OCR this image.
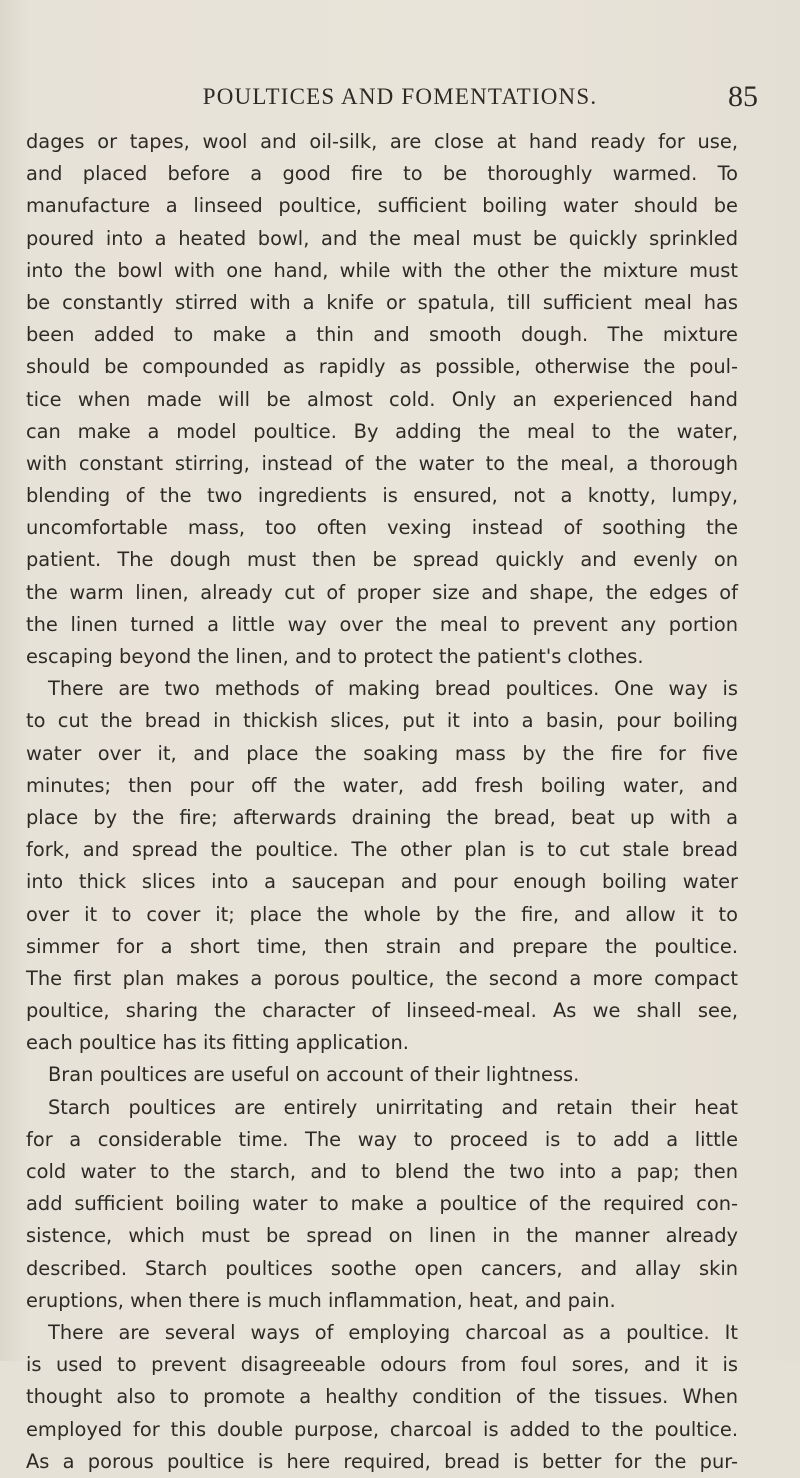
POULTICES AND FOMENTATIONS.	85
dages or tapes, wool and oil-silk, are close at hand ready for use,
and placed before a good fire to be thoroughly warmed. To
manufacture a linseed poultice, sufficient boiling water should be
poured into a heated bowl, and the meal must be quickly sprinkled
into the bowl with one hand, while with the other the mixture must
be constantly stirred with a knife or spatula, till sufficient meal has
been added to make a thin and smooth dough. The mixture
should be compounded as rapidly as possible, otherwise the poul-
tice when made will be almost cold. Only an experienced hand
can make a model poultice. By adding the meal to the water,
with constant stirring, instead of the water to the meal, a thorough
blending of the two ingredients is ensured, not a knotty, lumpy,
uncomfortable mass, too often vexing instead of soothing the
patient. The dough must then be spread quickly and evenly on
the warm linen, already cut of proper size and shape, the edges of
the linen turned a little way over the meal to prevent any portion
escaping beyond the linen, and to protect the patient's clothes.
There are two methods of making bread poultices. One way is
to cut the bread in thickish slices, put it into a basin, pour boiling
water over it, and place the soaking mass by the fire for five
minutes; then pour off the water, add fresh boiling water, and
place by the fire; afterwards draining the bread, beat up with a
fork, and spread the poultice. The other plan is to cut stale bread
into thick slices into a saucepan and pour enough boiling water
over it to cover it; place the whole by the fire, and allow it to
simmer for a short time, then strain and prepare the poultice.
The first plan makes a porous poultice, the second a more compact
poultice, sharing the character of linseed-meal. As we shall see,
each poultice has its fitting application.
Bran poultices are useful on account of their lightness.
Starch poultices are entirely unirritating and retain their heat
for a considerable time. The way to proceed is to add a little
cold water to the starch, and to blend the two into a pap; then
add sufficient boiling water to make a poultice of the required con-
sistence, which must be spread on linen in the manner already
described. Starch poultices soothe open cancers, and allay skin
eruptions, when there is much inflammation, heat, and pain.
There are several ways of employing charcoal as a poultice. It
is used to prevent disagreeable odours from foul sores, and it is
thought also to promote a healthy condition of the tissues. When
employed for this double purpose, charcoal is added to the poultice.
As a porous poultice is here required, bread is better for the pur-
